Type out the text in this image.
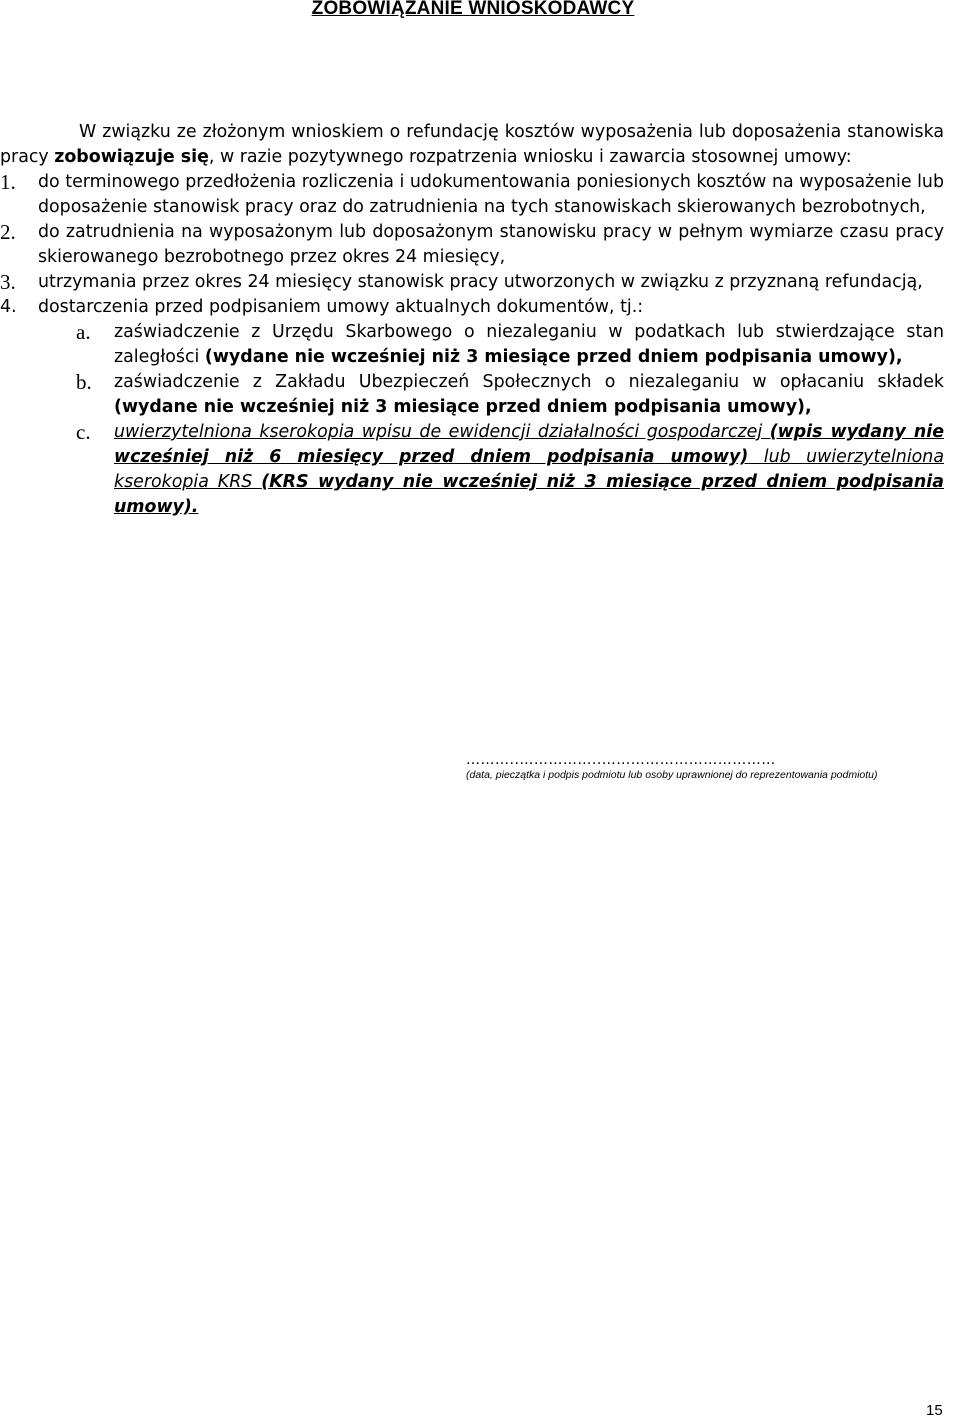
ZOBOWIĄZANIE WNIOSKODAWCY

W związku ze złożonym wnioskiem o refundację kosztów wyposażenia lub doposażenia stanowiska pracy zobowiązuje się, w razie pozytywnego rozpatrzenia wniosku i zawarcia stosownej umowy:

1.	do terminowego przedłożenia rozliczenia i udokumentowania poniesionych kosztów na wyposażenie lub doposażenie stanowisk pracy oraz do zatrudnienia na tych stanowiskach skierowanych bezrobotnych,
2.	do zatrudnienia na wyposażonym lub doposażonym stanowisku pracy w pełnym wymiarze czasu pracy skierowanego bezrobotnego przez okres 24 miesięcy,
3.	utrzymania przez okres 24 miesięcy stanowisk pracy utworzonych w związku z przyznaną refundacją,
4.	dostarczenia przed podpisaniem umowy aktualnych dokumentów, tj.:
a.	zaświadczenie z Urzędu Skarbowego o niezaleganiu w podatkach lub stwierdzające stan zaległości (wydane nie wcześniej niż 3 miesiące przed dniem podpisania umowy),
b.	zaświadczenie z Zakładu Ubezpieczeń Społecznych o niezaleganiu w opłacaniu składek (wydane nie wcześniej niż 3 miesiące przed dniem podpisania umowy),
c.	uwierzytelniona kserokopia wpisu de ewidencji działalności gospodarczej (wpis wydany nie wcześniej niż 6 miesięcy przed dniem podpisania umowy) lub uwierzytelniona kserokopia KRS (KRS wydany nie wcześniej niż 3 miesiące przed dniem podpisania umowy).
………..……………..………………………………
(data, pieczątka i podpis podmiotu lub osoby uprawnionej do reprezentowania podmiotu)
15
